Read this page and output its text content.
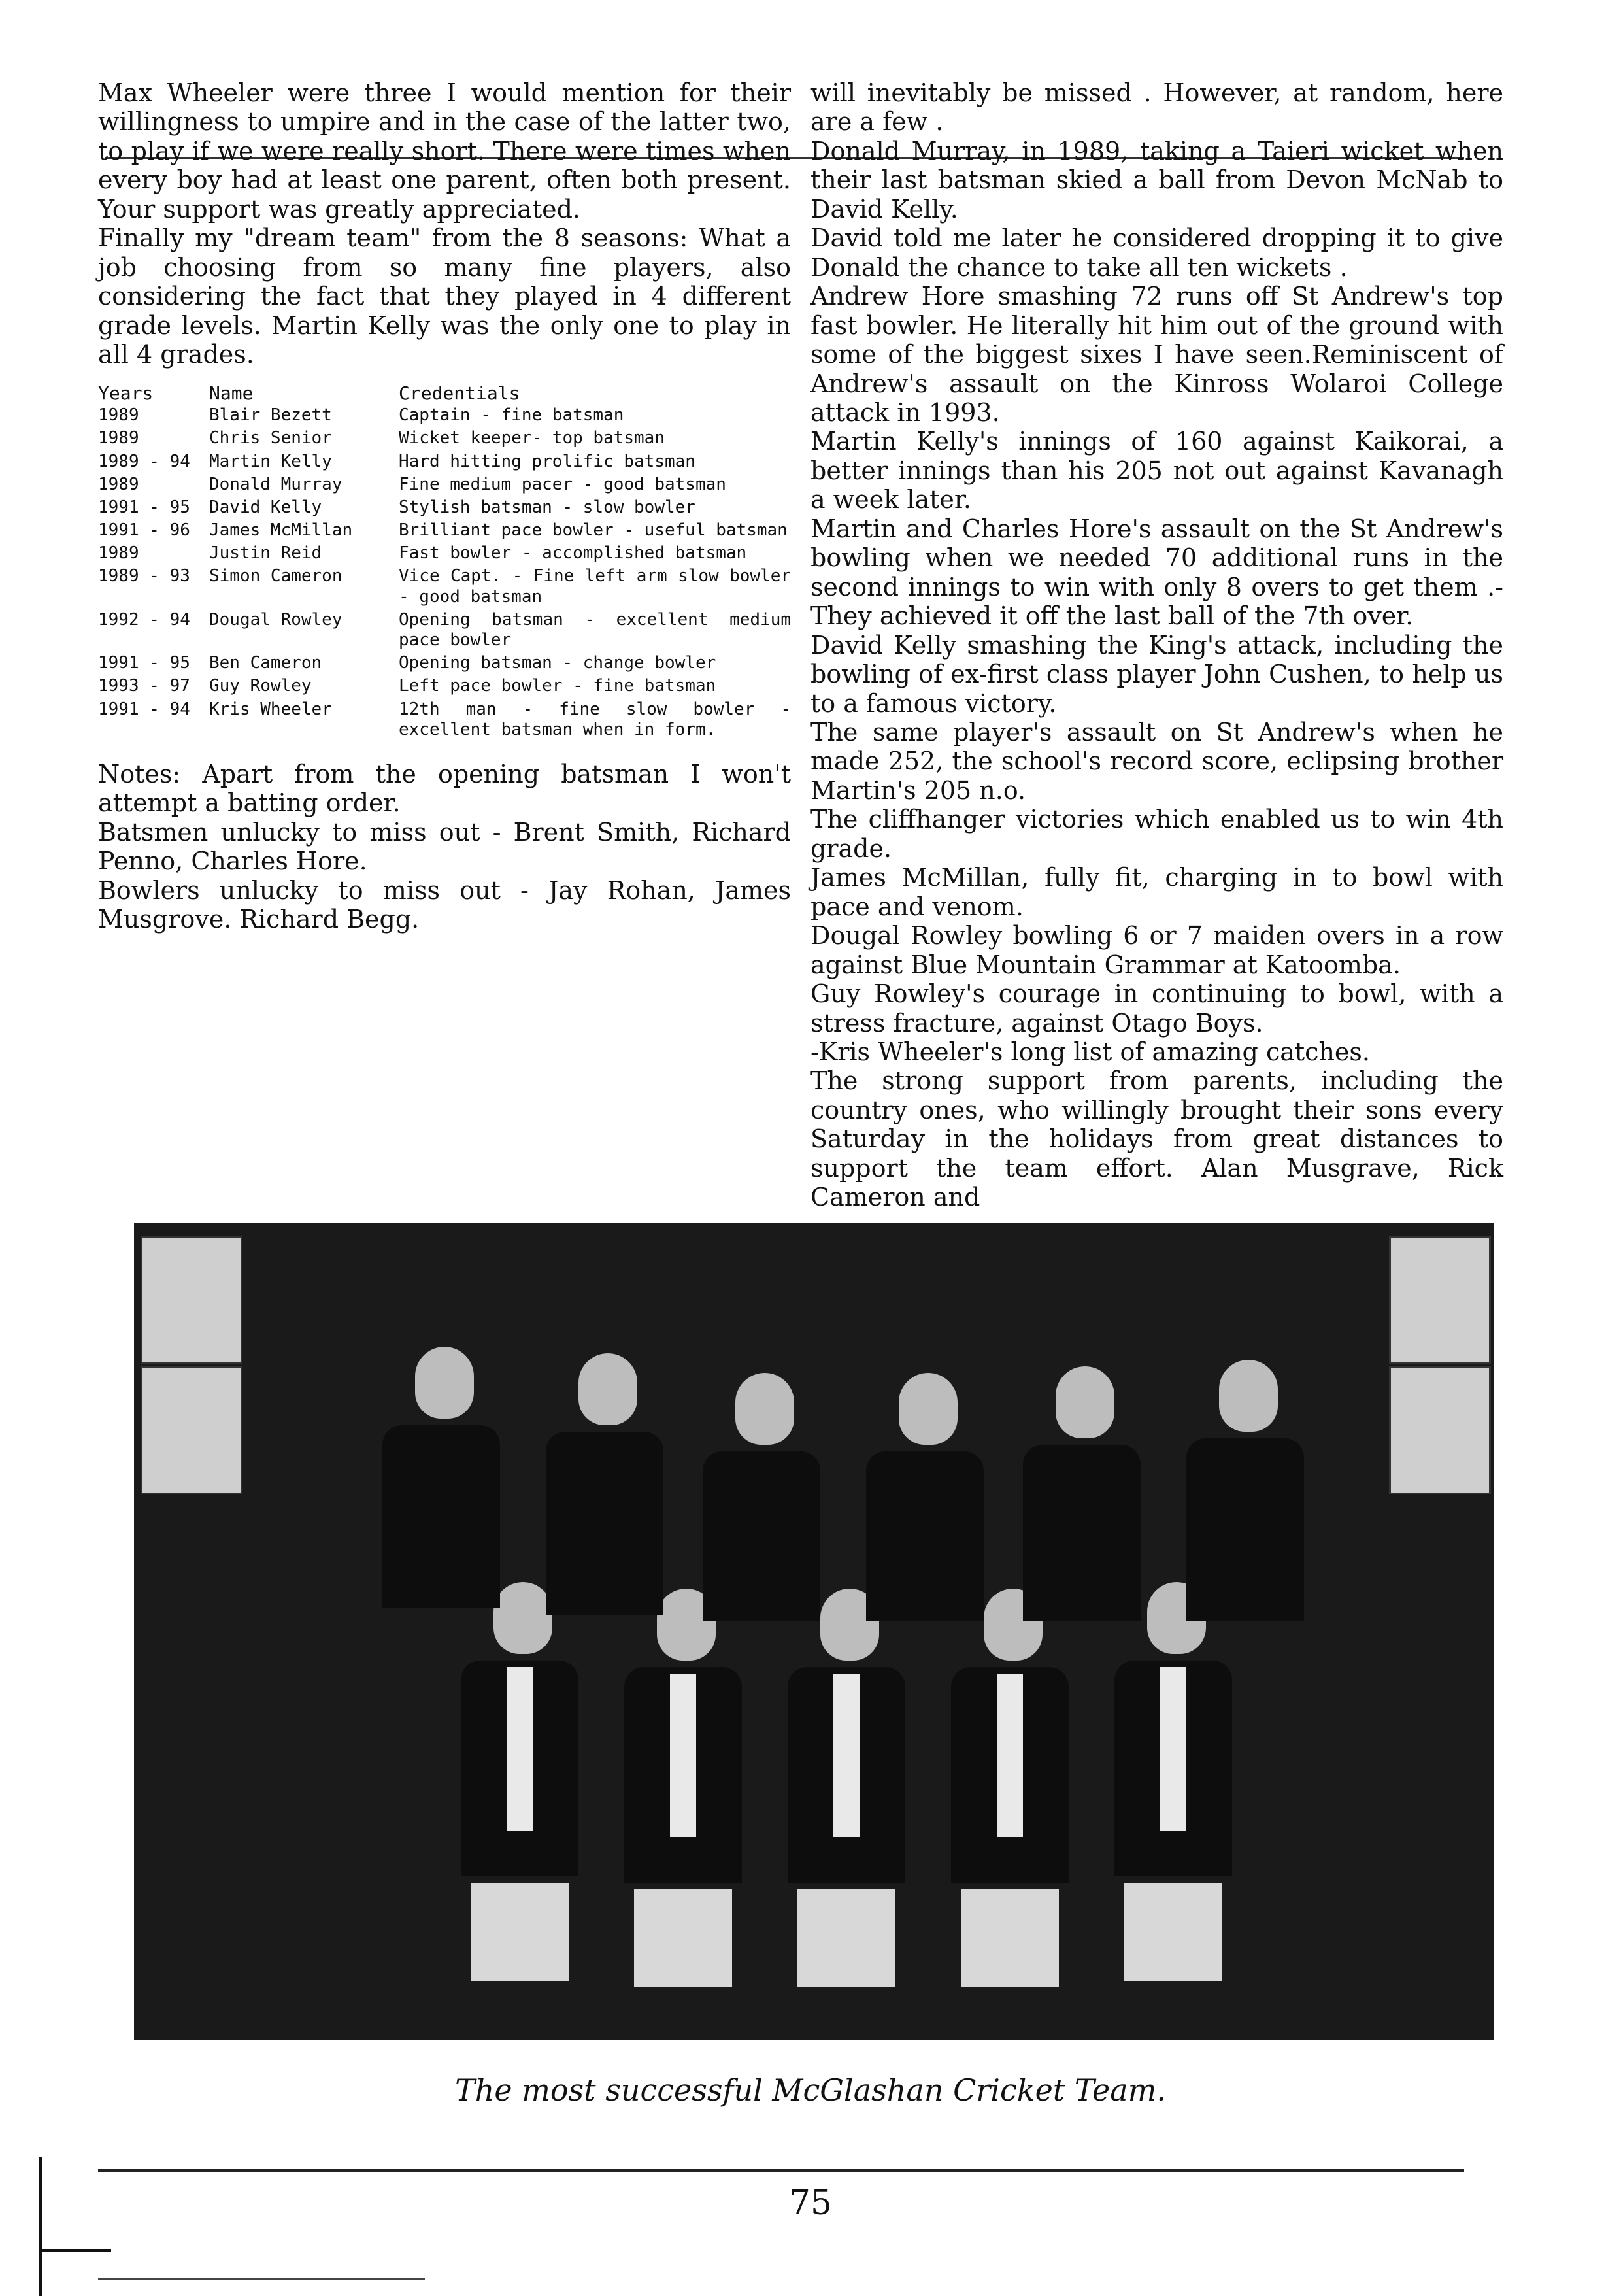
will inevitably be missed . However, at random, here are a few .

Donald Murray, in 1989, taking a Taieri wicket when their last batsman skied a ball from Devon McNab to David Kelly.

David told me later he considered dropping it to give Donald the chance to take all ten wickets .

Andrew Hore smashing 72 runs off St Andrew's top fast bowler. He literally hit him out of the ground with some of the biggest sixes I have seen.Reminiscent of Andrew's assault on the Kinross Wolaroi College attack in 1993.

Martin Kelly's innings of 160 against Kaikorai, a better innings than his 205 not out against Kavanagh a week later.

Martin and Charles Hore's assault on the St Andrew's bowling when we needed 70 additional runs in the second innings to win with only 8 overs to get them .- They achieved it off the last ball of the 7th over.

David Kelly smashing the King's attack, including the bowling of ex-first class player John Cushen, to help us to a famous victory.

The same player's assault on St Andrew's when he made 252, the school's record score, eclipsing brother Martin's 205 n.o.

The cliffhanger victories which enabled us to win 4th grade.

James McMillan, fully fit, charging in to bowl with pace and venom.

Dougal Rowley bowling 6 or 7 maiden overs in a row against Blue Mountain Grammar at Katoomba.

Guy Rowley's courage in continuing to bowl, with a stress fracture, against Otago Boys.

-Kris Wheeler's long list of amazing catches.

The strong support from parents, including the country ones, who willingly brought their sons every Saturday in the holidays from great distances to support the team effort. Alan Musgrave, Rick Cameron and

Max Wheeler were three I would mention for their willingness to umpire and in the case of the latter two, to play if we were really short. There were times when every boy had at least one parent, often both present. Your support was greatly appreciated.

Finally my "dream team" from the 8 seasons: What a job choosing from so many fine players, also considering the fact that they played in 4 different grade levels. Martin Kelly was the only one to play in all 4 grades.

Years	Name	Credentials
1989	Blair Bezett	Captain - fine batsman
1989	Chris Senior	Wicket keeper- top batsman
1989 - 94	Martin Kelly	Hard hitting prolific batsman
1989	Donald Murray	Fine medium pacer - good batsman
1991 - 95	David Kelly	Stylish batsman - slow bowler
1991 - 96	James McMillan	Brilliant pace bowler - useful batsman
1989	Justin Reid	Fast bowler - accomplished batsman
1989 - 93	Simon Cameron	Vice Capt. - Fine left arm slow bowler - good batsman
1992 - 94	Dougal Rowley	Opening batsman - excellent medium pace bowler
1991 - 95	Ben Cameron	Opening batsman - change bowler
1993 - 97	Guy Rowley	Left pace bowler - fine batsman
1991 - 94	Kris Wheeler	12th man - fine slow bowler - excellent batsman when in form.

Notes: Apart from the opening batsman I won't attempt a batting order.

Batsmen unlucky to miss out - Brent Smith, Richard Penno, Charles Hore.

Bowlers unlucky to miss out - Jay Rohan, James Musgrove. Richard Begg.

The most successful McGlashan Cricket Team.
75
